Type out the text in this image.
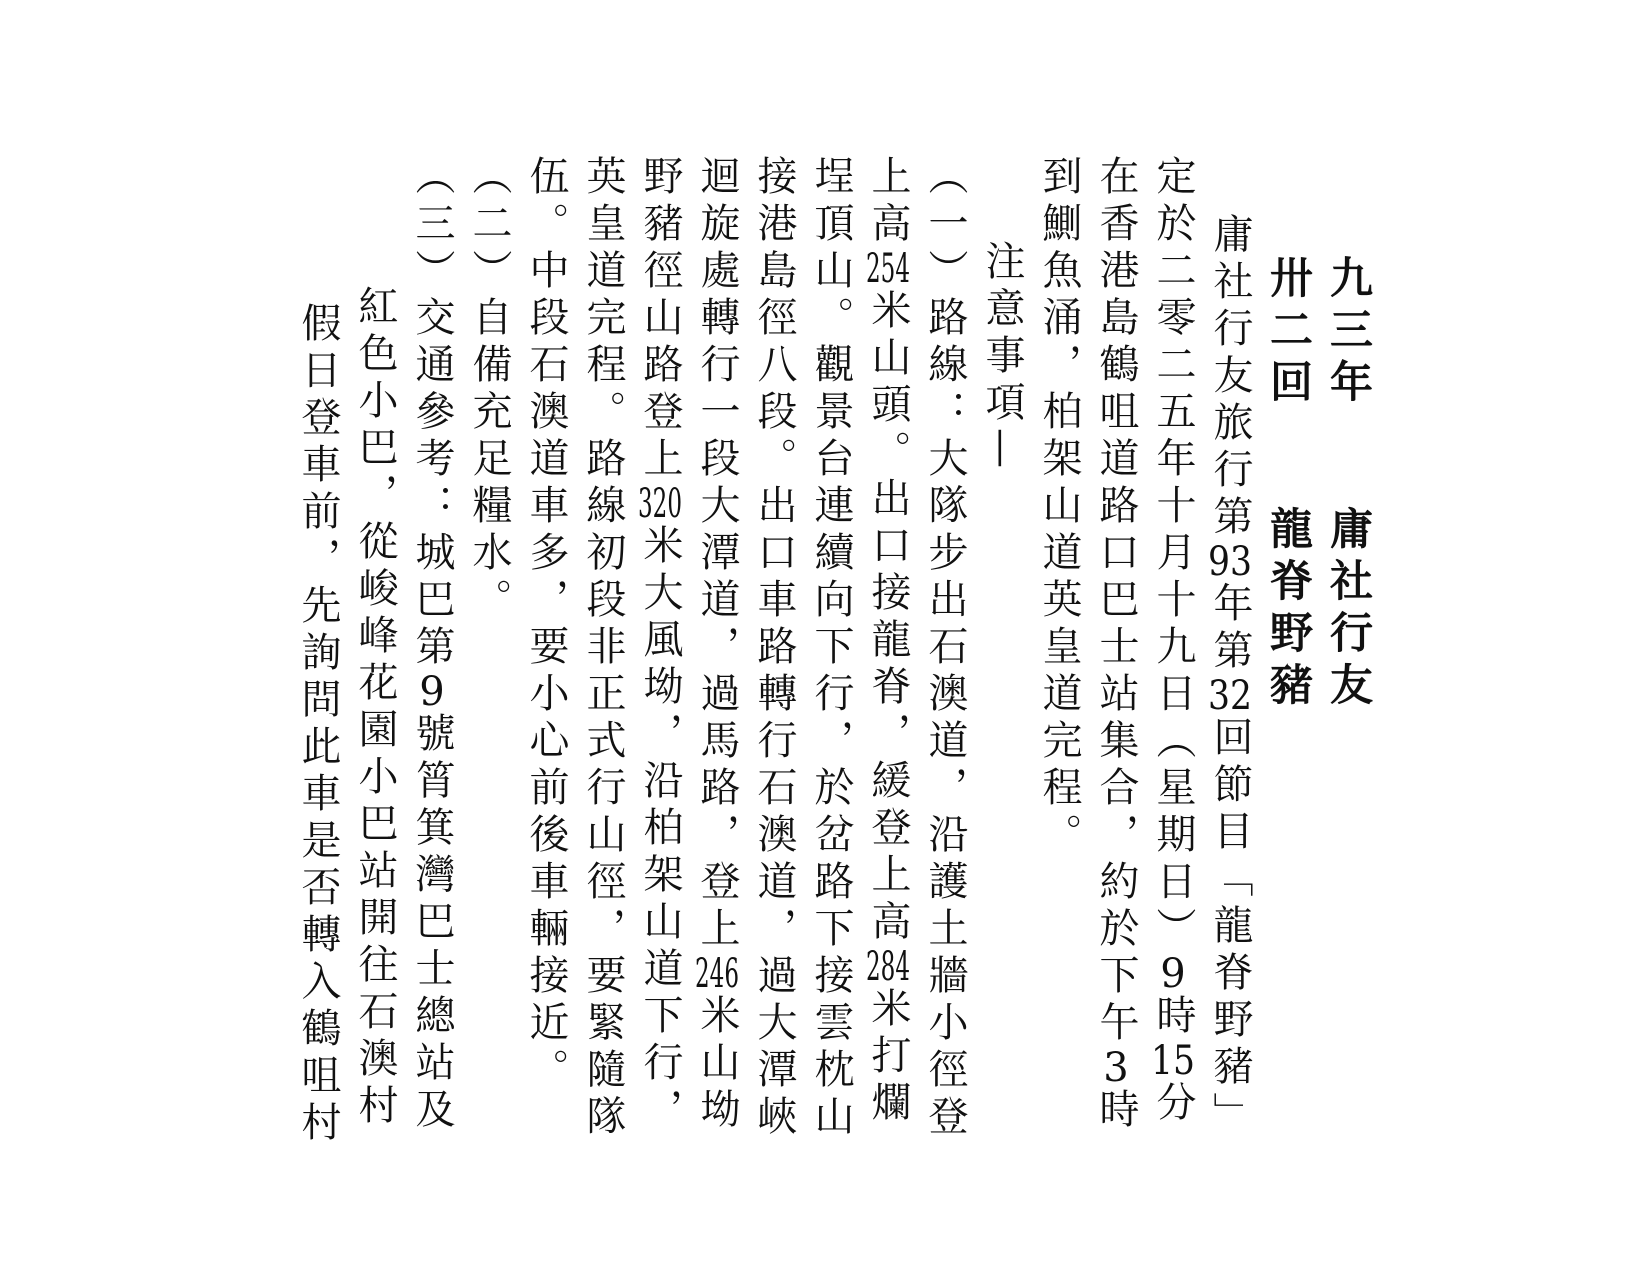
九三年庸社行友
卅二回龍脊野豬
庸社行友旅行第93年第32回節目「龍脊野豬」
定於二零二五年十月十九日（星期日）9時15分
在香港島鶴咀道路口巴士站集合，約於下午3時
到鰂魚涌，柏架山道英皇道完程。
注意事項—
（一）路線：大隊步出石澳道，沿護土牆小徑登
上高254米山頭。出口接龍脊，緩登上高284米打爛
埕頂山。觀景台連續向下行，於岔路下接雲枕山
接港島徑八段。出口車路轉行石澳道，過大潭峽
迴旋處轉行一段大潭道，過馬路，登上246米山坳
野豬徑山路登上320米大風坳，沿柏架山道下行，
英皇道完程。路線初段非正式行山徑，要緊隨隊
伍。中段石澳道車多，要小心前後車輛接近。
（二）自備充足糧水。
（三）交通參考：城巴第9號筲箕灣巴士總站及
紅色小巴，從峻峰花園小巴站開往石澳村
假日登車前，先詢問此車是否轉入鶴咀村
